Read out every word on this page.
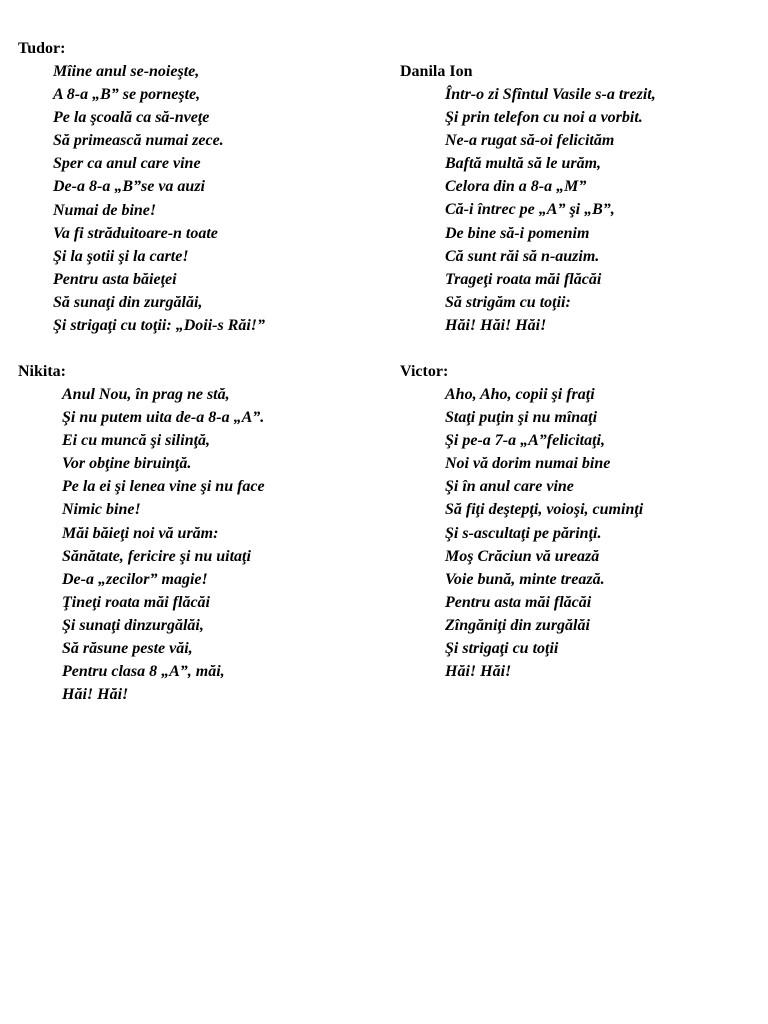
Tudor:
Mîine anul se-noieşte,
A 8-a „B” se porneşte,
Pe la şcoală ca să-nveţe
Să primească numai zece.
Sper ca anul care vine
De-a 8-a „B”se va auzi
Numai de bine!
Va fi străduitoare-n toate
Şi la şotii şi la carte!
Pentru asta băieţei
Să sunaţi din zurgălăi,
Şi strigaţi cu toţii: „Doii-s Răi!”
Danila Ion
Într-o zi Sfîntul Vasile s-a trezit,
Şi prin telefon cu noi a vorbit.
Ne-a rugat să-oi felicităm
Baftă multă să le urăm,
Celora din a 8-a „M”
Că-i întrec pe „A” şi „B”,
De bine să-i pomenim
Că sunt răi să n-auzim.
Trageţi roata măi flăcăi
Să strigăm cu toţii:
Hăi! Hăi! Hăi!
Nikita:
Anul Nou, în prag ne stă,
Şi nu putem uita de-a 8-a „A”.
Ei cu muncă şi silinţă,
Vor obţine biruinţă.
Pe la ei şi lenea vine şi nu face
Nimic bine!
Măi băieţi noi vă urăm:
Sănătate, fericire şi nu uitaţi
De-a „zecilor” magie!
Ţineţi roata măi flăcăi
Şi sunaţi dinzurgălăi,
Să răsune peste văi,
Pentru clasa 8 „A”, măi,
Hăi! Hăi!
Victor:
Aho, Aho, copii şi fraţi
Staţi puţin şi nu mînaţi
Şi pe-a 7-a „A”felicitaţi,
Noi vă dorim numai bine
Şi în anul care vine
Să fiţi deştepţi, voioşi, cuminţi
Şi s-ascultaţi pe părinţi.
Moş Crăciun vă urează
Voie bună, minte trează.
Pentru asta măi flăcăi
Zîngăniţi din zurgălăi
Şi strigaţi cu toţii
Hăi! Hăi!
